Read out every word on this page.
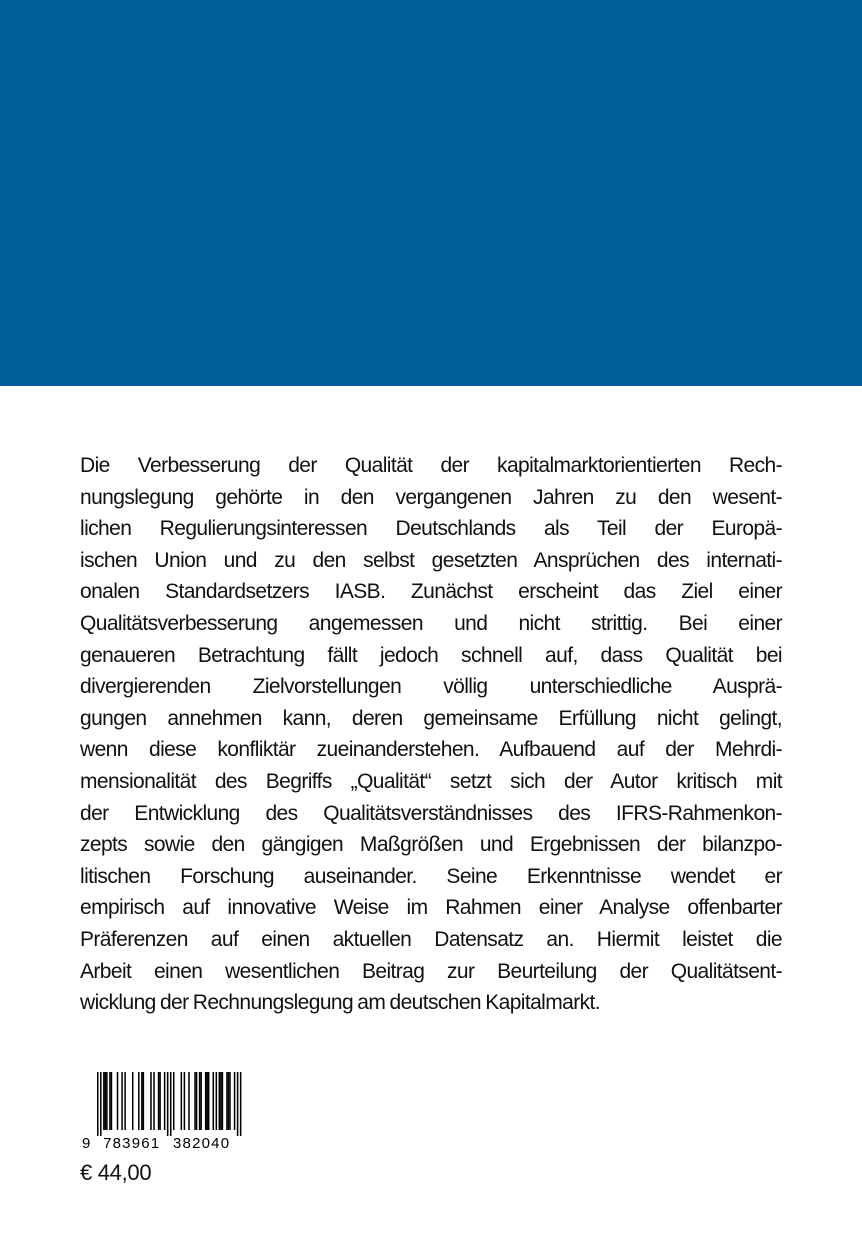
Die Verbesserung der Qualität der kapitalmarktorientierten Rech-
nungslegung gehörte in den vergangenen Jahren zu den wesent-
lichen Regulierungsinteressen Deutschlands als Teil der Europä-
ischen Union und zu den selbst gesetzten Ansprüchen des internati-
onalen Standardsetzers IASB. Zunächst erscheint das Ziel einer
Qualitätsverbesserung angemessen und nicht strittig. Bei einer
genaueren Betrachtung fällt jedoch schnell auf, dass Qualität bei
divergierenden Zielvorstellungen völlig unterschiedliche Ausprä-
gungen annehmen kann, deren gemeinsame Erfüllung nicht gelingt,
wenn diese konfliktär zueinanderstehen. Aufbauend auf der Mehrdi-
mensionalität des Begriffs „Qualität“ setzt sich der Autor kritisch mit
der Entwicklung des Qualitätsverständnisses des IFRS-Rahmenkon-
zepts sowie den gängigen Maßgrößen und Ergebnissen der bilanzpo-
litischen Forschung auseinander. Seine Erkenntnisse wendet er
empirisch auf innovative Weise im Rahmen einer Analyse offenbarter
Präferenzen auf einen aktuellen Datensatz an. Hiermit leistet die
Arbeit einen wesentlichen Beitrag zur Beurteilung der Qualitätsent-
wicklung der Rechnungslegung am deutschen Kapitalmarkt.
9 783961 382040
€ 44,00
